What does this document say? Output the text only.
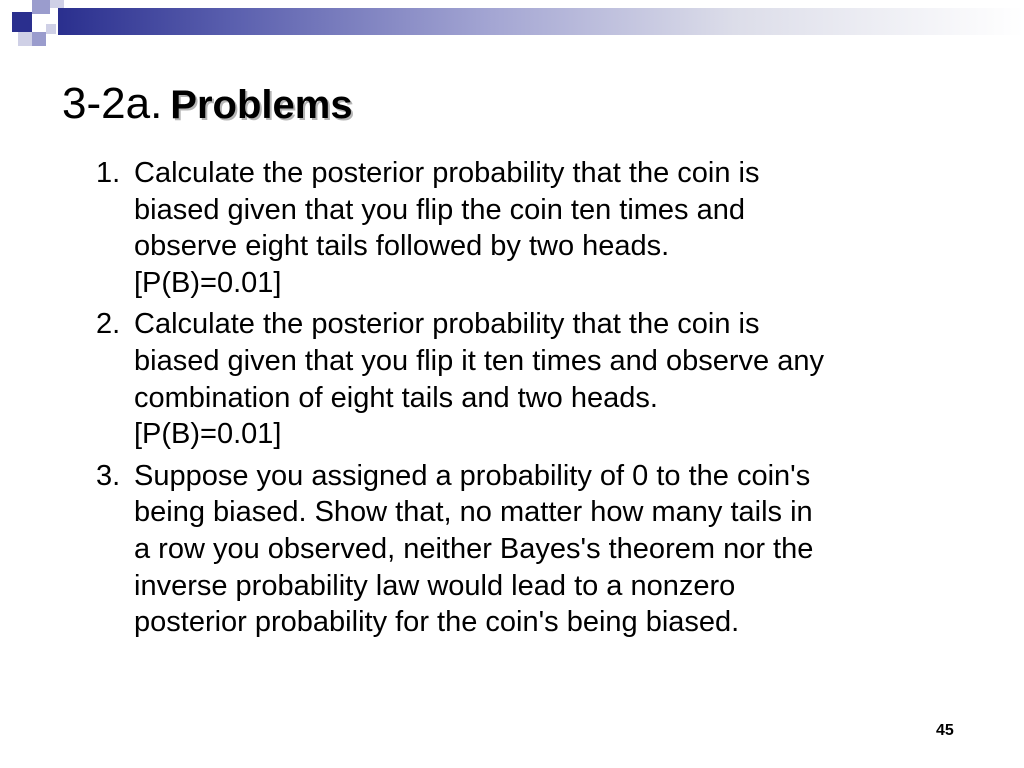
3-2a. Problems
1. Calculate the posterior probability that the coin is
biased given that you flip the coin ten times and
observe eight tails followed by two heads.
[P(B)=0.01]
2. Calculate the posterior probability that the coin is
biased given that you flip it ten times and observe any
combination of eight tails and two heads.
[P(B)=0.01]
3. Suppose you assigned a probability of 0 to the coin's
being biased. Show that, no matter how many tails in
a row you observed, neither Bayes's theorem nor the
inverse probability law would lead to a nonzero
posterior probability for the coin's being biased.
45
